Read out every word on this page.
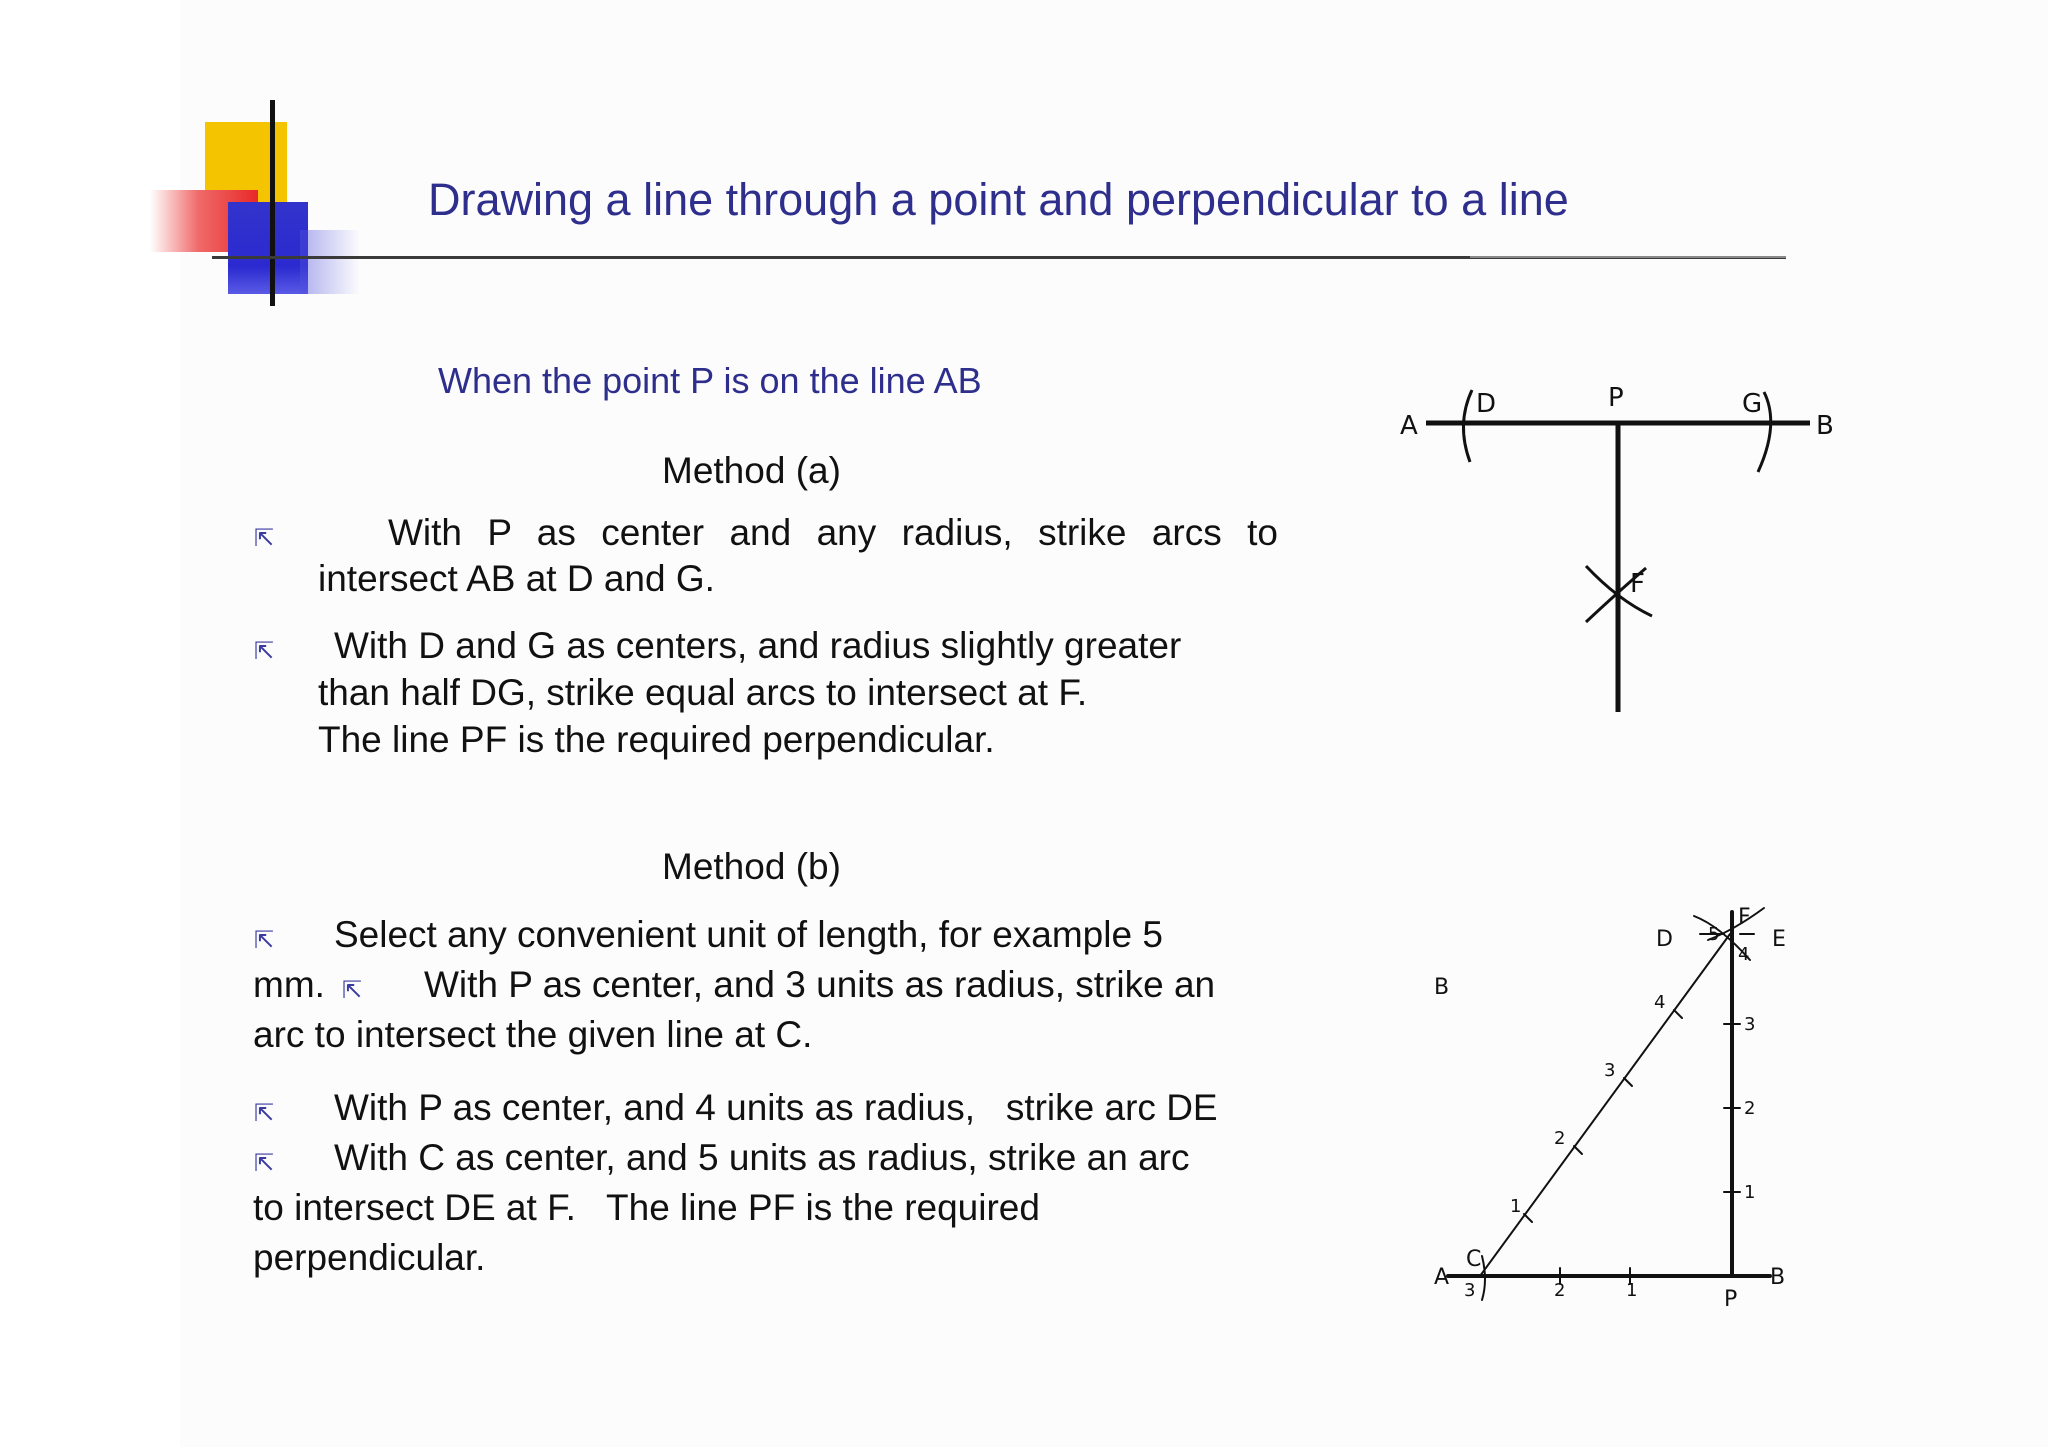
Drawing a line through a point and perpendicular to a line
When the point P is on the line AB
Method (a)
⇱	With P as center and any radius, strike arcs to
intersect AB at D and G.
⇱ With D and G as centers, and radius slightly greater
than half DG, strike equal arcs to intersect at F.
The line PF is the required perpendicular.
Method (b)
⇱ Select any convenient unit of length, for example 5
mm. ⇱ With P as center, and 3 units as radius, strike an
arc to intersect the given line at C.
⇱ With P as center, and 4 units as radius,   strike arc DE
⇱ With C as center, and 5 units as radius, strike an arc
to intersect DE at F.   The line PF is the required
perpendicular.
A	B
D	G
P
F
A	B
B
C
D	E
F
P
1
2
3
4
5
1
2
3
4
3	2	1
